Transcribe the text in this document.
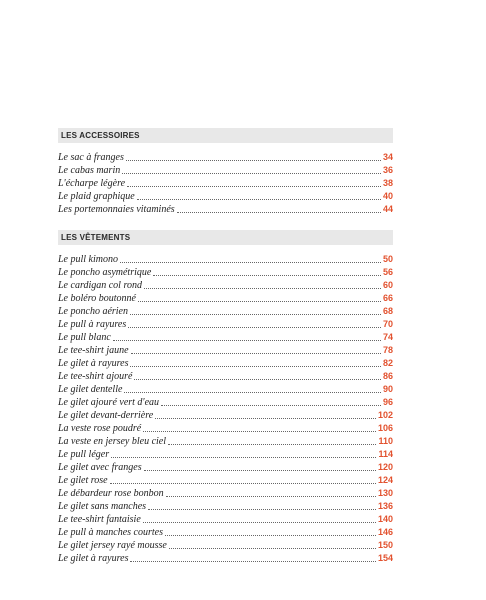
LES ACCESSOIRES
Le sac à franges	34
Le cabas marin	36
L'écharpe légère	38
Le plaid graphique	40
Les portemonnaies vitaminés	44
LES VÊTEMENTS
Le pull kimono	50
Le poncho asymétrique	56
Le cardigan col rond	60
Le boléro boutonné	66
Le poncho aérien	68
Le pull à rayures	70
Le pull blanc	74
Le tee-shirt jaune	78
Le gilet à rayures	82
Le tee-shirt ajouré	86
Le gilet dentelle	90
Le gilet ajouré vert d'eau	96
Le gilet devant-derrière	102
La veste rose poudré	106
La veste en jersey bleu ciel	110
Le pull léger	114
Le gilet avec franges	120
Le gilet rose	124
Le débardeur rose bonbon	130
Le gilet sans manches	136
Le tee-shirt fantaisie	140
Le pull à manches courtes	146
Le gilet jersey rayé mousse	150
Le gilet à rayures	154
